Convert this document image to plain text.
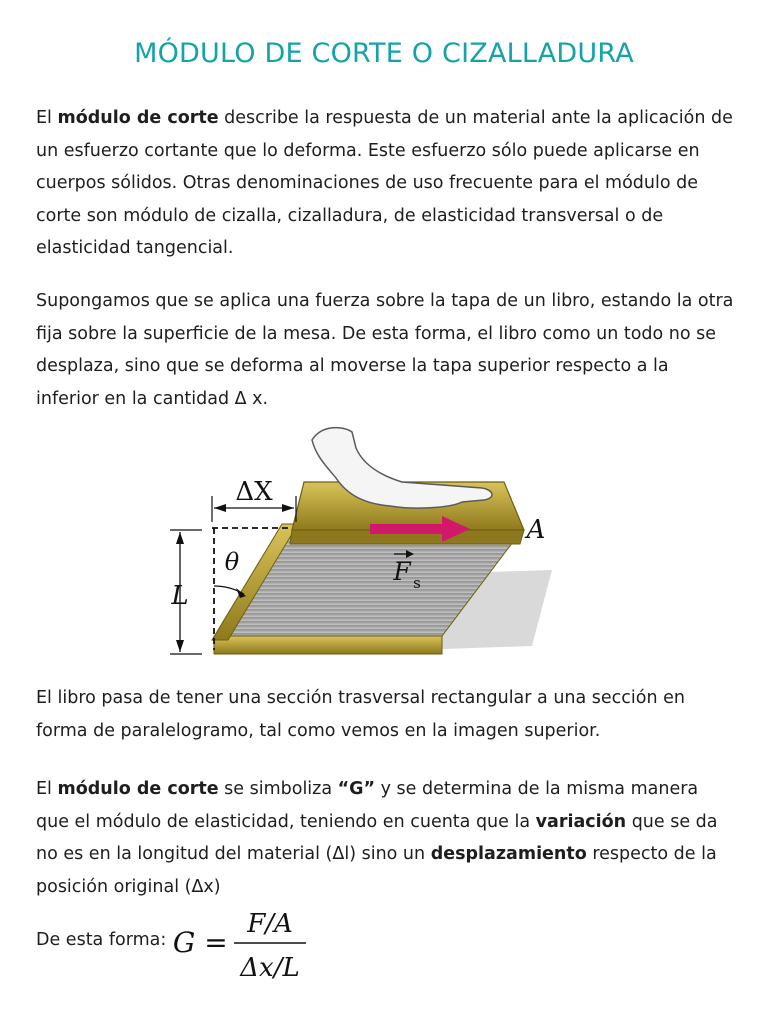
MÓDULO DE CORTE O CIZALLADURA

El módulo de corte describe la respuesta de un material ante la aplicación de un esfuerzo cortante que lo deforma. Este esfuerzo sólo puede aplicarse en cuerpos sólidos. Otras denominaciones de uso frecuente para el módulo de corte son módulo de cizalla, cizalladura, de elasticidad transversal o de elasticidad tangencial.

Supongamos que se aplica una fuerza sobre la tapa de un libro, estando la otra fija sobre la superficie de la mesa. De esta forma, el libro como un todo no se desplaza, sino que se deforma al moverse la tapa superior respecto a la inferior en la cantidad Δ x.

ΔX
θ
L
A
F s

El libro pasa de tener una sección trasversal rectangular a una sección en forma de paralelogramo, tal como vemos en la imagen superior.

El módulo de corte se simboliza “G” y se determina de la misma manera que el módulo de elasticidad, teniendo en cuenta que la variación que se da no es en la longitud del material (Δl) sino un desplazamiento respecto de la posición original (Δx)

De esta forma: G =
F/A
Δx/L
